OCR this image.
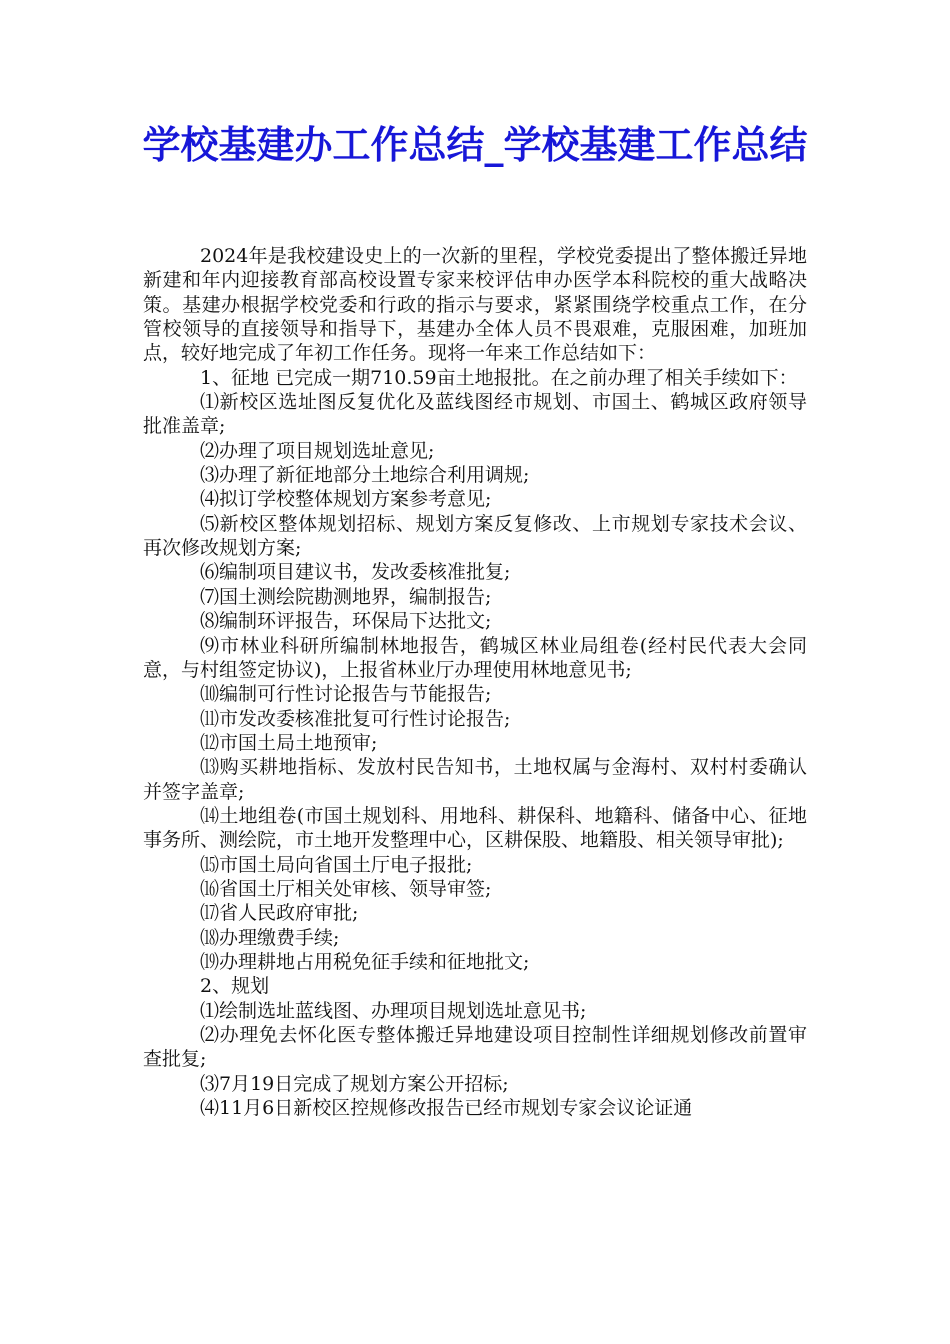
学校基建办工作总结_学校基建工作总结

2024年是我校建设史上的一次新的里程，学校党委提出了整体搬迁异地新建和年内迎接教育部高校设置专家来校评估申办医学本科院校的重大战略决策。基建办根据学校党委和行政的指示与要求，紧紧围绕学校重点工作，在分管校领导的直接领导和指导下，基建办全体人员不畏艰难，克服困难，加班加点，较好地完成了年初工作任务。现将一年来工作总结如下：

1、征地 已完成一期710.59亩土地报批。在之前办理了相关手续如下：

⑴新校区选址图反复优化及蓝线图经市规划、市国土、鹤城区政府领导批准盖章;

⑵办理了项目规划选址意见;

⑶办理了新征地部分土地综合利用调规;

⑷拟订学校整体规划方案参考意见;

⑸新校区整体规划招标、规划方案反复修改、上市规划专家技术会议、再次修改规划方案;

⑹编制项目建议书，发改委核准批复;

⑺国土测绘院勘测地界，编制报告;

⑻编制环评报告，环保局下达批文;

⑼市林业科研所编制林地报告，鹤城区林业局组卷(经村民代表大会同意，与村组签定协议)，上报省林业厅办理使用林地意见书;

⑽编制可行性讨论报告与节能报告;

⑾市发改委核准批复可行性讨论报告;

⑿市国土局土地预审;

⒀购买耕地指标、发放村民告知书，土地权属与金海村、双村村委确认并签字盖章;

⒁土地组卷(市国土规划科、用地科、耕保科、地籍科、储备中心、征地事务所、测绘院，市土地开发整理中心，区耕保股、地籍股、相关领导审批);

⒂市国土局向省国土厅电子报批;

⒃省国土厅相关处审核、领导审签;

⒄省人民政府审批;

⒅办理缴费手续;

⒆办理耕地占用税免征手续和征地批文;

2、规划

⑴绘制选址蓝线图、办理项目规划选址意见书;

⑵办理免去怀化医专整体搬迁异地建设项目控制性详细规划修改前置审查批复;

⑶7月19日完成了规划方案公开招标;

⑷11月6日新校区控规修改报告已经市规划专家会议论证通
